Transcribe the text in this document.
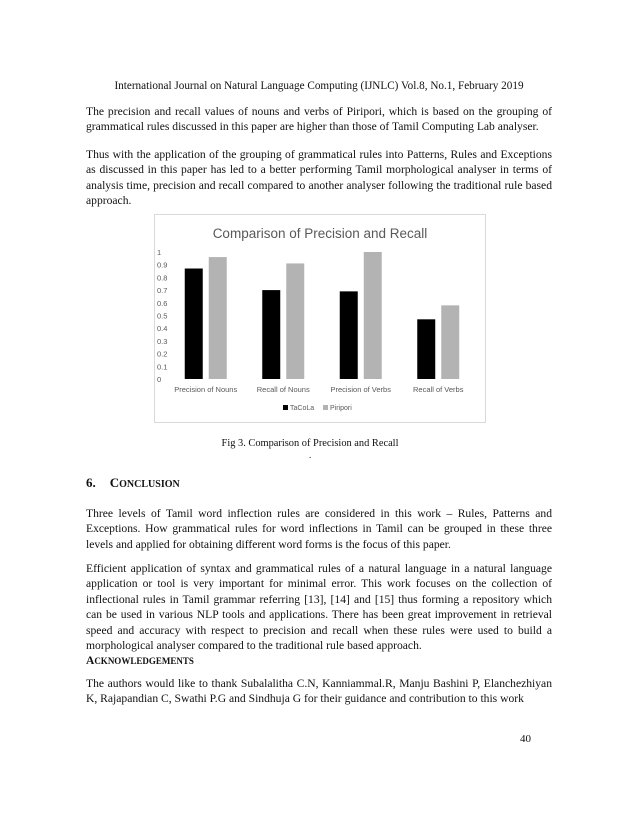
International Journal on Natural Language Computing (IJNLC) Vol.8, No.1, February 2019
The precision and recall values of nouns and verbs of Piripori, which is based on the grouping of grammatical rules discussed in this paper are higher than those of Tamil Computing Lab analyser.
Thus with the application of the grouping of grammatical rules into Patterns, Rules and Exceptions as discussed in this paper has led to a better performing Tamil morphological analyser in terms of analysis time, precision and recall compared to another analyser following the traditional rule based approach.
Comparison of Precision and Recall
0
0.1
0.2
0.3
0.4
0.5
0.6
0.7
0.8
0.9
1
Precision of Nouns	Recall of Nouns	Precision of Verbs	Recall of Verbs
TaCoLa Piripori
Fig 3. Comparison of Precision and Recall
.
6. CONCLUSION
Three levels of Tamil word inflection rules are considered in this work – Rules, Patterns and Exceptions. How grammatical rules for word inflections in Tamil can be grouped in these three levels and applied for obtaining different word forms is the focus of this paper.
Efficient application of syntax and grammatical rules of a natural language in a natural language application or tool is very important for minimal error. This work focuses on the collection of inflectional rules in Tamil grammar referring [13], [14] and [15] thus forming a repository which can be used in various NLP tools and applications. There has been great improvement in retrieval speed and accuracy with respect to precision and recall when these rules were used to build a morphological analyser compared to the traditional rule based approach.
ACKNOWLEDGEMENTS
The authors would like to thank Subalalitha C.N, Kanniammal.R, Manju Bashini P, Elanchezhiyan K, Rajapandian C, Swathi P.G and Sindhuja G for their guidance and contribution to this work
40
